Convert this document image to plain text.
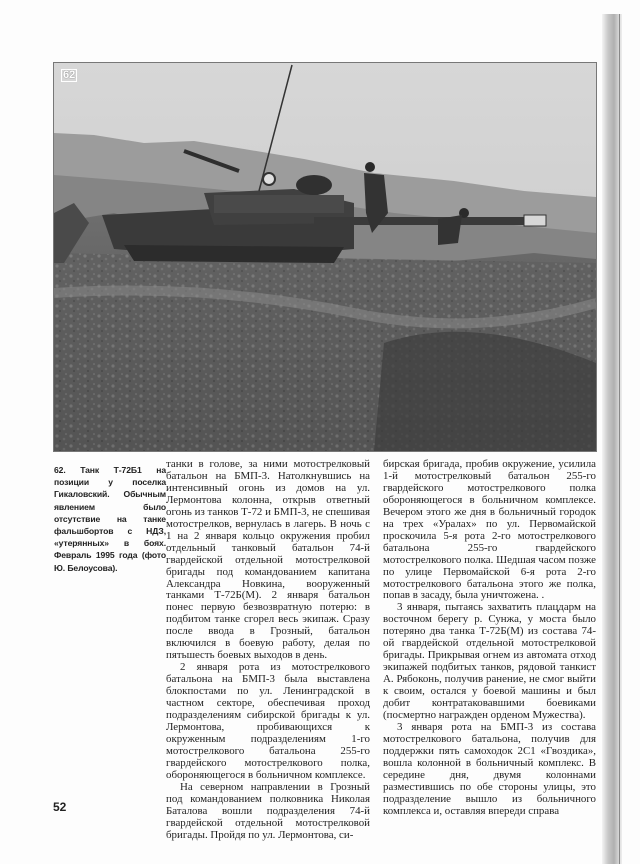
62
62. Танк Т-72Б1 на позиции у поселка Гикаловский. Обычным явлением было отсутствие на танке фальшбортов с НДЗ, «утерянных» в боях. Февраль 1995 года (фото Ю. Белоусова).

танки в голове, за ними мотострелковый батальон на БМП-3. Натолкнувшись на интенсивный огонь из домов на ул. Лермонтова колонна, открыв ответный огонь из танков Т-72 и БМП-3, не спешивая мотострелков, вернулась в лагерь. В ночь с 1 на 2 января кольцо окружения пробил отдельный танковый батальон 74-й гвардейской отдельной мотострелковой бригады под командованием капитана Александра Новкина, вооруженный танками Т-72Б(М). 2 января батальон понес первую безвозвратную потерю: в подбитом танке сгорел весь экипаж. Сразу после ввода в Грозный, батальон включился в боевую работу, делая по пятьшесть боевых выходов в день.

2 января рота из мотострелкового батальона на БМП-3 была выставлена блокпостами по ул. Ленинградской в частном секторе, обеспечивая проход подразделениям сибирской бригады к ул. Лермонтова, пробивающихся к окруженным подразделениям 1-го мотострелкового батальона 255-го гвардейского мотострелкового полка, обороняющегося в больничном комплексе.

На северном направлении в Грозный под командованием полковника Николая Баталова вошли подразделения 74-й гвардейской отдельной мотострелковой бригады. Пройдя по ул. Лермонтова, си-

бирская бригада, пробив окружение, усилила 1-й мотострелковый батальон 255-го гвардейского мотострелкового полка обороняющегося в больничном комплексе. Вечером этого же дня в больничный городок на трех «Уралах» по ул. Первомайской проскочила 5-я рота 2-го мотострелкового батальона 255-го гвардейского мотострелкового полка. Шедшая часом позже по улице Первомайской 6-я рота 2-го мотострелкового батальона этого же полка, попав в засаду, была уничтожена. .

3 января, пытаясь захватить плацдарм на восточном берегу р. Сунжа, у моста было потеряно два танка Т-72Б(М) из состава 74-ой гвардейской отдельной мотострелковой бригады. Прикрывая огнем из автомата отход экипажей подбитых танков, рядовой танкист А. Рябоконь, получив ранение, не смог выйти к своим, остался у боевой машины и был добит контратаковавшими боевиками (посмертно награжден орденом Мужества).

3 января рота на БМП-3 из состава мотострелкового батальона, получив для поддержки пять самоходок 2С1 «Гвоздика», вошла колонной в больничный комплекс. В середине дня, двумя колоннами разместившись по обе стороны улицы, это подразделение вышло из больничного комплекса и, оставляя впереди справа

52
